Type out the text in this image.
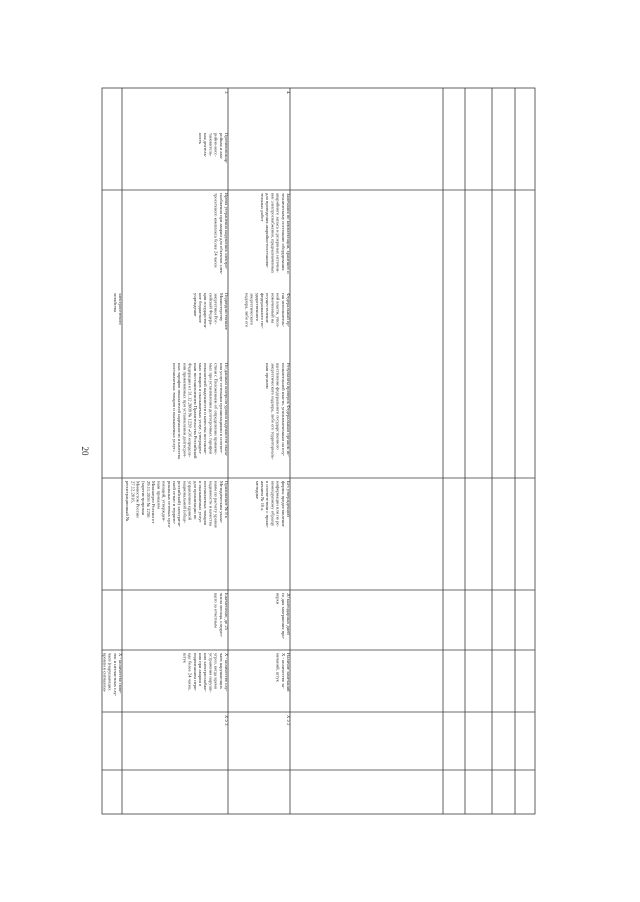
20
электросетевого
хозяйства
X - количество пове-
ток и несчастных слу-
чаев (нарушающих
кровли в сигнализа-
3.
Противопожар-
ройная и ава-
рийно-восс-
тановитель-
ная деятель-
ность
Время устранения нарушения электро-
снабжения при аварии для объектов элек-
тросетевого комплекса более 24 часов
Подведомственное
Министерству
энергетики Рос-
сийской Федера-
ции государствен-
ное бюджетное
учреждение
По данным контроля уровня надежности оказа-
ния услуг сетевыми организациями в соответ-
ствии с Положением об определении примене-
мых при установлении долгосрочных тарифов
показателей надежности и качества поставляе-
мых товаров и оказываемых услуг, утвержден-
ным постановлением Правительства Российской
Федерации от 31.12.2009 № 1220 «Об определе-
нии применяемых при установлении долгосроч-
ных тарифов показателей надежности и качества
поставляемых товаров и оказываемых услуг»
Приложение № 8 к
Методическим указа-
ниям по расчету уровня
надежности и качества
поставляемых товаров
и оказываемых услуг
для организации по
управлению единой
национальной (обще-
российской) электриче-
ской сетью и террито-
риальных сетевых орга-
низаций, утвержден-
ным приказом
Минэнерго России от
29.11.2016 № 1256
(зарегистрирован
Минюстом России
27.12.2016,
регистрационный №
Ежемесячно, до 25
числа месяца, следую-
щего за отчетным
X - количество слу-
чаев нарушающих
угроз, когда время
устранения наруше-
ния электроснабже-
ния при аварии в
подписанном пери-
оде более 24 часов,
штук
X ≥ 3
4.
Замечания по комплектации, хранению и
техническому состоянию оборудования
аварийного запаса и резервных источни-
ков электроснабжения, предназначенных
для проведения аварийно-восстанови-
тельных работ
Федеральный ор-
ган исполнитель-
ной власти, упол-
номоченный на
осуществление
федерального гос-
ударственного
энергетического
надзора, либо его
Результаты проверок Федеральным органом ис-
полнительной власти, уполномоченным на осу-
ществление федерального государственного
энергетического надзора, либо его территориаль-
ным органом
Без утвержденной
формы предоставление
информации или по ре-
комендуемому образцу
в соответствии с прило-
жением № 16 к
методике
20 календарных дней
со дня завершения про-
верки
Наличие замечаний
X - количество за-
мечаний, штук
X ≥ 2
